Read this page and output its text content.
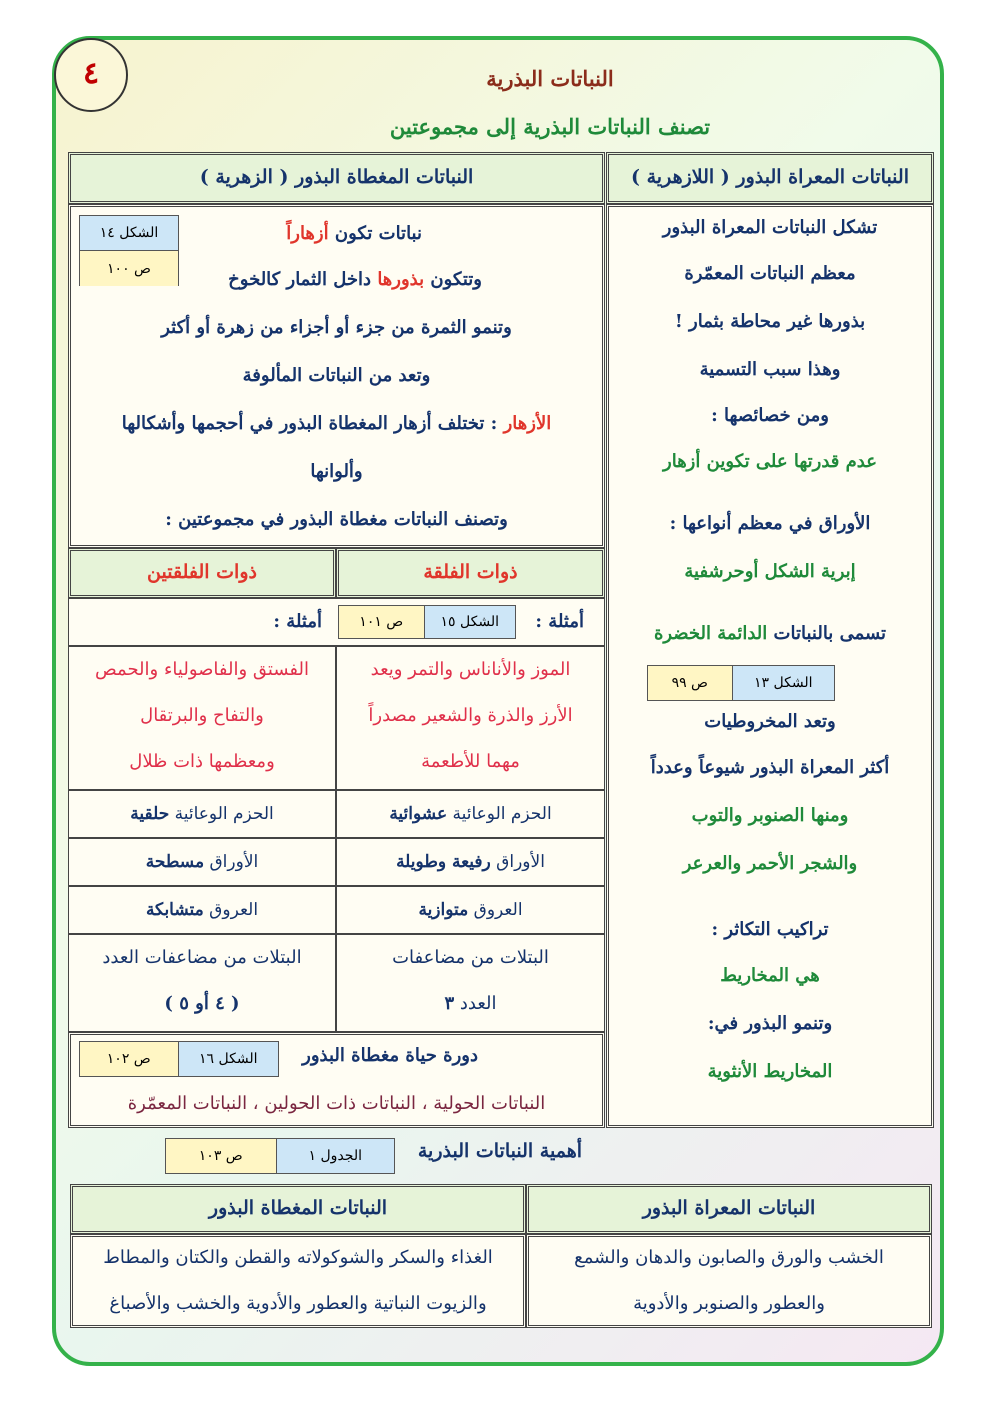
٤	النباتات البذرية
تصنف النباتات البذرية إلى مجموعتين
النباتات المعراة البذور ( اللازهرية )
النباتات المغطاة البذور ( الزهرية )
تشكل النباتات المعراة البذور
معظم النباتات المعمّرة
بذورها غير محاطة بثمار !
وهذا سبب التسمية
ومن خصائصها :
عدم قدرتها على تكوين أزهار
الأوراق في معظم أنواعها :
إبرية الشكل أوحرشفية
تسمى بالنباتات الدائمة الخضرة
الشكل ١٣
ص ٩٩
وتعد المخروطيات
أكثر المعراة البذور شيوعاً وعدداً
ومنها الصنوبر والتوب
والشجر الأحمر والعرعر
تراكيب التكاثر :
هي المخاريط
وتنمو البذور في:
المخاريط الأنثوية
الشكل ١٤
ص ١٠٠
نباتات تكون أزهاراً
وتتكون بذورها داخل الثمار كالخوخ
وتنمو الثمرة من جزء أو أجزاء من زهرة أو أكثر
وتعد من النباتات المألوفة
الأزهار : تختلف أزهار المغطاة البذور في أحجمها وأشكالها
وألوانها
وتصنف النباتات مغطاة البذور في مجموعتين :
ذوات الفلقة
ذوات الفلقتين
أمثلة :
الشكل ١٥
ص ١٠١
أمثلة :
الموز والأناناس والتمر ويعد
الأرز والذرة والشعير مصدراً
مهما للأطعمة
الفستق والفاصولياء والحمص
والتفاح والبرتقال
ومعظمها ذات ظلال
الحزم الوعائية عشوائية
الحزم الوعائية حلقية
الأوراق رفيعة وطويلة
الأوراق مسطحة
العروق متوازية
العروق متشابكة
البتلات من مضاعفات
العدد ٣
البتلات من مضاعفات العدد
( ٤ أو ٥ )
دورة حياة مغطاة البذور
الشكل ١٦
ص ١٠٢
النباتات الحولية ، النباتات ذات الحولين ، النباتات المعمّرة
أهمية النباتات البذرية
الجدول ١
ص ١٠٣
النباتات المعراة البذور
النباتات المغطاة البذور
الخشب والورق والصابون والدهان والشمع
والعطور والصنوبر والأدوية
الغذاء والسكر والشوكولاته والقطن والكتان والمطاط
والزيوت النباتية والعطور والأدوية والخشب والأصباغ
